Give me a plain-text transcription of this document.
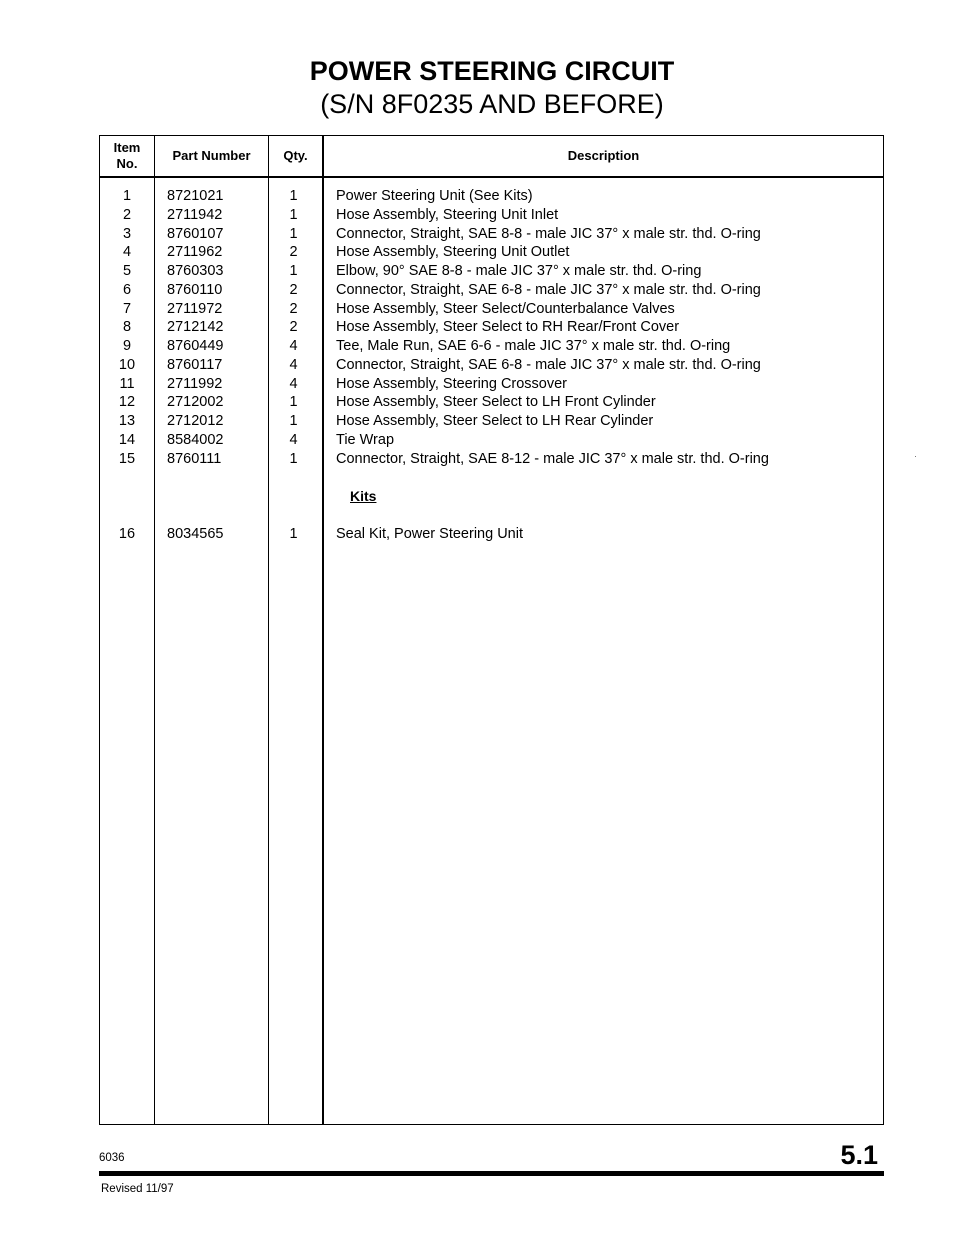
POWER STEERING CIRCUIT
(S/N 8F0235 AND BEFORE)
Item
No.
Part Number	Qty.	Description
1	8721021	1	Power Steering Unit (See Kits)
2	2711942	1	Hose Assembly, Steering Unit Inlet
3	8760107	1	Connector, Straight, SAE 8-8 - male JIC 37° x male str. thd. O-ring
4	2711962	2	Hose Assembly, Steering Unit Outlet
5	8760303	1	Elbow, 90° SAE 8-8 - male JIC 37° x male str. thd. O-ring
6	8760110	2	Connector, Straight, SAE 6-8 - male JIC 37° x male str. thd. O-ring
7	2711972	2	Hose Assembly, Steer Select/Counterbalance Valves
8	2712142	2	Hose Assembly, Steer Select to RH Rear/Front Cover
9	8760449	4	Tee, Male Run, SAE 6-6 - male JIC 37° x male str. thd. O-ring
10	8760117	4	Connector, Straight, SAE 6-8 - male JIC 37° x male str. thd. O-ring
11	2711992	4	Hose Assembly, Steering Crossover
12	2712002	1	Hose Assembly, Steer Select to LH Front Cylinder
13	2712012	1	Hose Assembly, Steer Select to LH Rear Cylinder
14	8584002	4	Tie Wrap
15	8760111	1	Connector, Straight, SAE 8-12 - male JIC 37° x male str. thd. O-ring
Kits
16	8034565	1	Seal Kit, Power Steering Unit
6036	5.1
Revised 11/97
